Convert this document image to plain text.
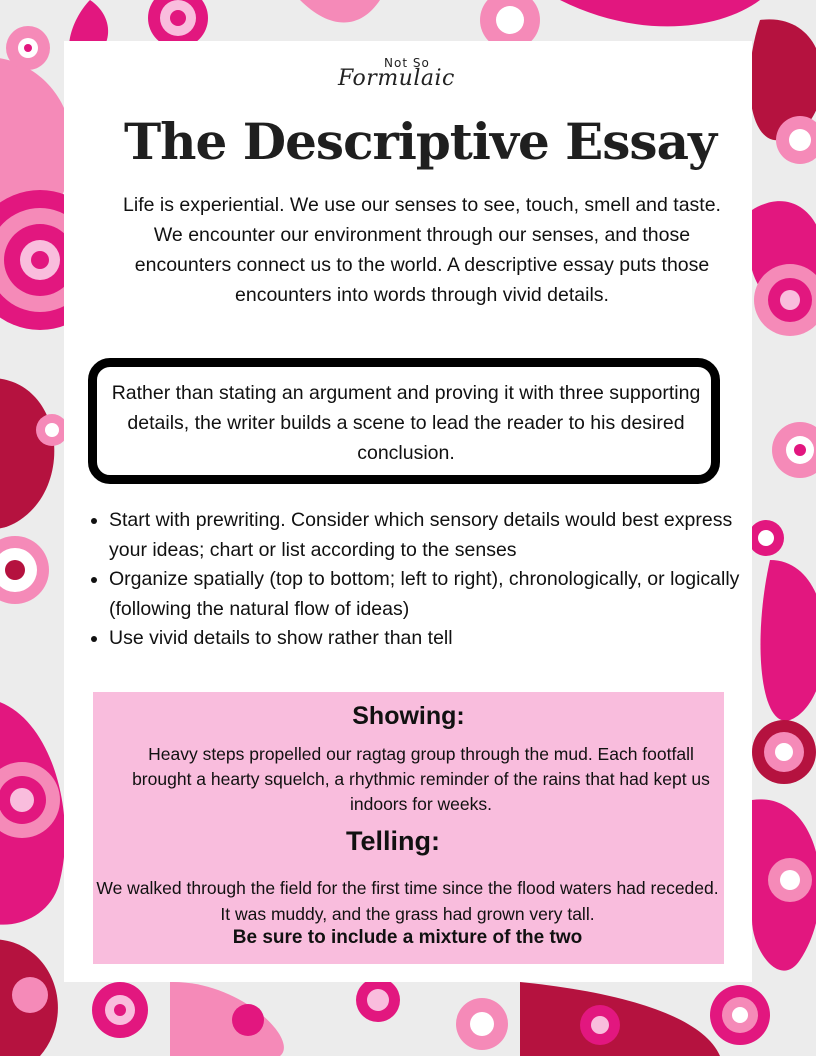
Not So
Formulaic
The Descriptive Essay
Life is experiential. We use our senses to see, touch, smell and taste. We encounter our environment through our senses, and those encounters connect us to the world. A descriptive essay puts those encounters into words through vivid details.
Rather than stating an argument and proving it with three supporting details, the writer builds a scene to lead the reader to his desired conclusion.
• Start with prewriting. Consider which sensory details would best express your ideas; chart or list according to the senses
• Organize spatially (top to bottom; left to right), chronologically, or logically (following the natural flow of ideas)
• Use vivid details to show rather than tell
Showing:
Heavy steps propelled our ragtag group through the mud. Each footfall brought a hearty squelch, a rhythmic reminder of the rains that had kept us indoors for weeks.
Telling:
We walked through the field for the first time since the flood waters had receded. It was muddy, and the grass had grown very tall.
Be sure to include a mixture of the two
